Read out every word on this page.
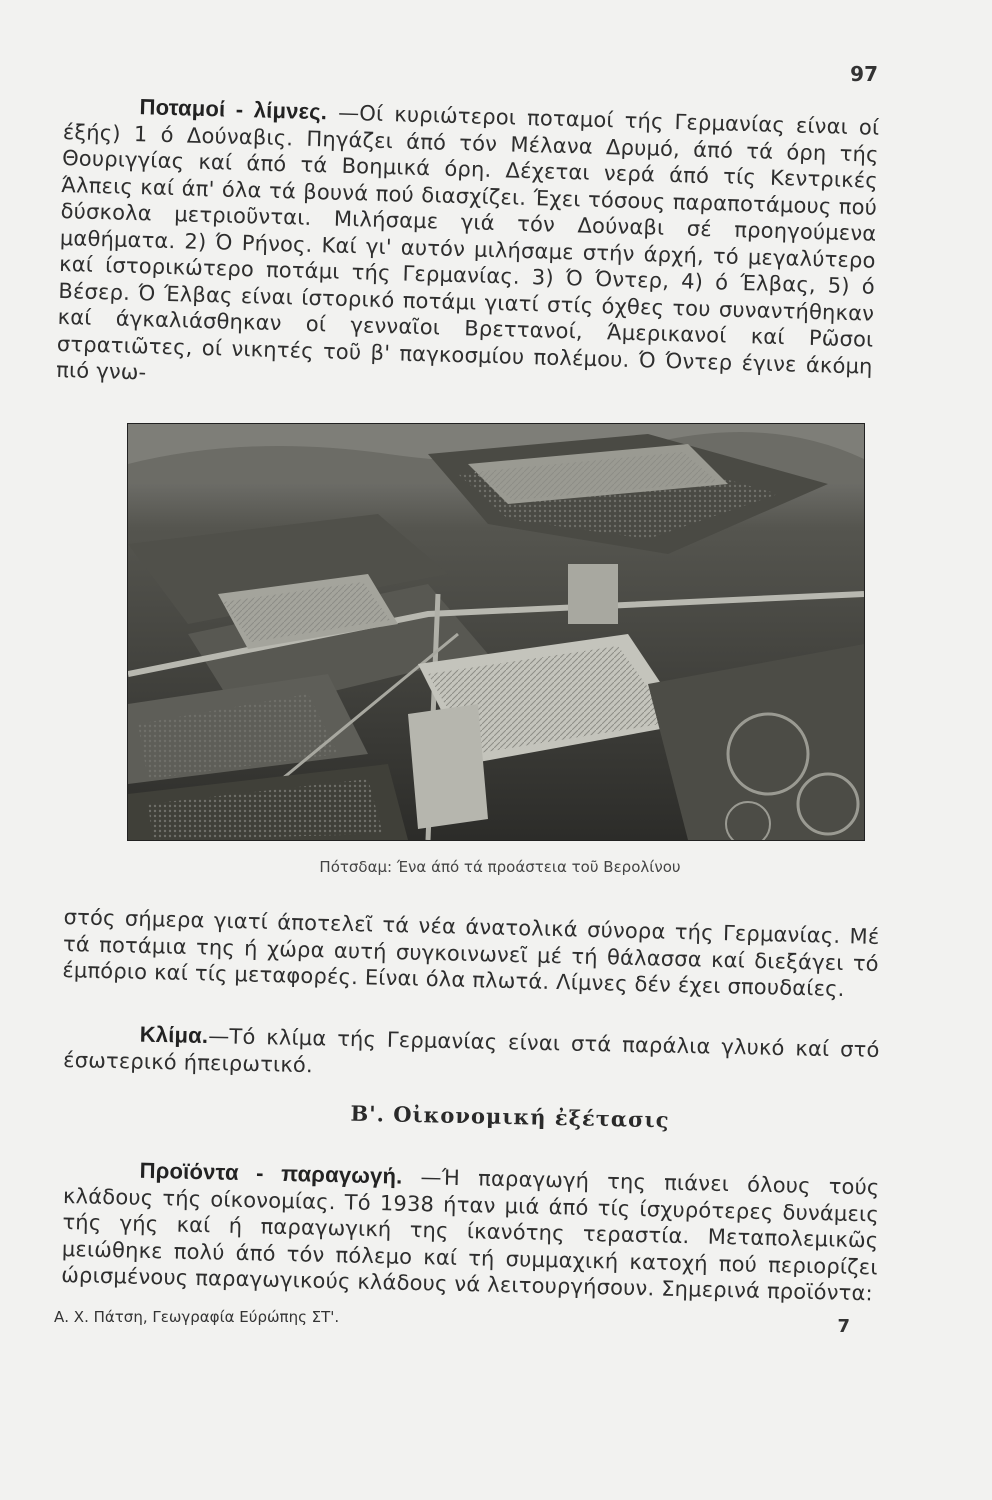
97

Ποταμοί - λίμνες. —Οί κυριώτεροι ποταμοί τής Γερμανίας είναι οί έξής) 1 ό Δούναβις. Πηγάζει άπό τόν Μέλανα Δρυμό, άπό τά όρη τής Θουριγγίας καί άπό τά Βοημικά όρη. Δέχεται νερά άπό τίς Κεντρικές Άλπεις καί άπ' όλα τά βουνά πού διασχίζει. Έχει τόσους παραποτάμους πού δύσκολα μετριοῦνται. Μιλήσαμε γιά τόν Δούναβι σέ προηγούμενα μαθήματα. 2) Ό Ρήνος. Καί γι' αυτόν μιλήσαμε στήν άρχή, τό μεγαλύτερο καί ίστορικώτερο ποτάμι τής Γερμανίας. 3) Ό Όντερ, 4) ό Έλβας, 5) ό Βέσερ. Ό Έλβας είναι ίστορικό ποτάμι γιατί στίς όχθες του συναντήθηκαν καί άγκαλιάσθηκαν οί γενναῖοι Βρεττανοί, Άμερικανοί καί Ρῶσοι στρατιῶτες, οί νικητές τοῦ β' παγκοσμίου πολέμου. Ό Όντερ έγινε άκόμη πιό γνω-

Πότσδαμ: Ένα άπό τά προάστεια τοῦ Βερολίνου

στός σήμερα γιατί άποτελεῖ τά νέα άνατολικά σύνορα τής Γερμανίας. Μέ τά ποτάμια της ή χώρα αυτή συγκοινωνεῖ μέ τή θάλασσα καί διεξάγει τό έμπόριο καί τίς μεταφορές. Είναι όλα πλωτά. Λίμνες δέν έχει σπουδαίες.

Κλίμα.—Τό κλίμα τής Γερμανίας είναι στά παράλια γλυκό καί στό έσωτερικό ήπειρωτικό.

Β'. Οἰκονομική ἐξέτασις

Προϊόντα - παραγωγή. —Ή παραγωγή της πιάνει όλους τούς κλάδους τής οίκονομίας. Τό 1938 ήταν μιά άπό τίς ίσχυρότερες δυνάμεις τής γής καί ή παραγωγική της ίκανότης τεραστία. Μεταπολεμικῶς μειώθηκε πολύ άπό τόν πόλεμο καί τή συμμαχική κατοχή πού περιορίζει ώρισμένους παραγωγικούς κλάδους νά λειτουργήσουν. Σημερινά προϊόντα:

Α. Χ. Πάτση, Γεωγραφία Εύρώπης ΣΤ'.	7
